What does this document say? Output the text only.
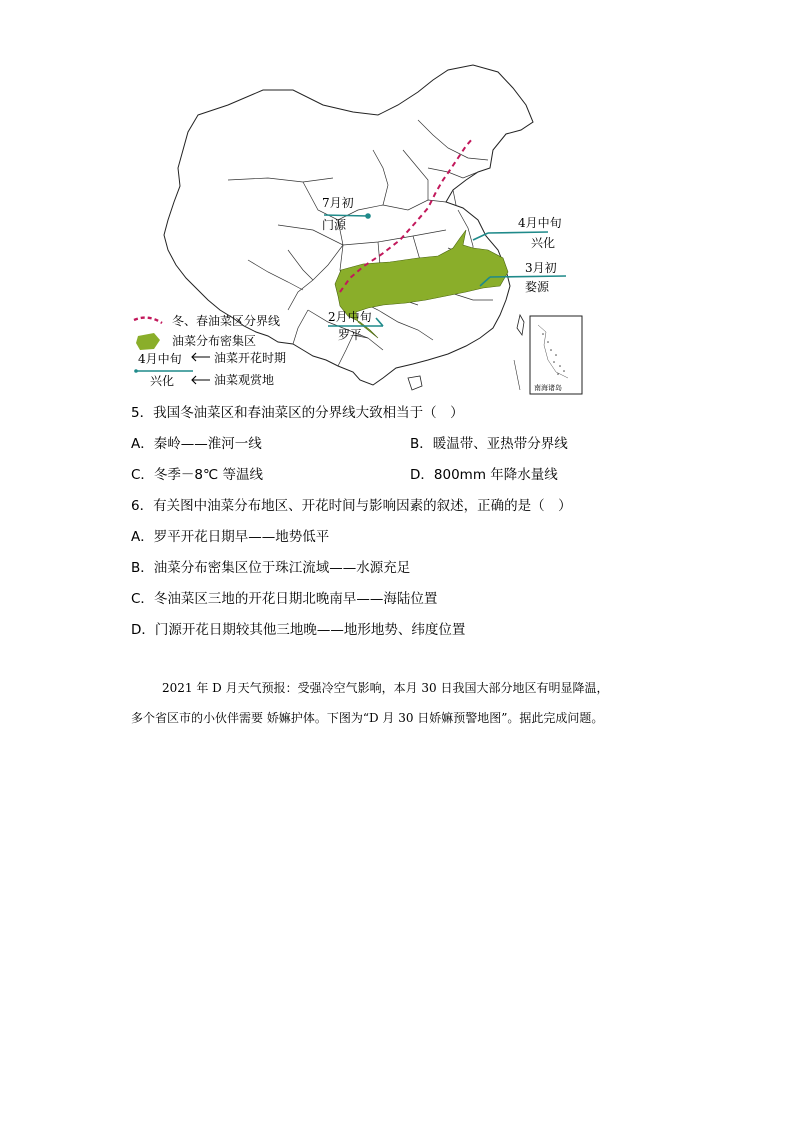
7月初
门源	4月中旬
兴化
3月初
婺源
2月中旬
罗平
南海诸岛
冬、春油菜区分界线
油菜分布密集区
4月中旬	油菜开花时期
兴化	油菜观赏地
5．我国冬油菜区和春油菜区的分界线大致相当于（　）
A．秦岭——淮河一线	B．暖温带、亚热带分界线
C．冬季－8℃ 等温线	D．800mm 年降水量线
6．有关图中油菜分布地区、开花时间与影响因素的叙述，正确的是（　）
A．罗平开花日期早——地势低平
B．油菜分布密集区位于珠江流域——水源充足
C．冬油菜区三地的开花日期北晚南早——海陆位置
D．门源开花日期较其他三地晚——地形地势、纬度位置
2021 年 D 月天气预报：受强冷空气影响，本月 30 日我国大部分地区有明显降温，
多个省区市的小伙伴需要 娇嫲护体。下图为“D 月 30 日娇嫲预警地图”。据此完成问题。
